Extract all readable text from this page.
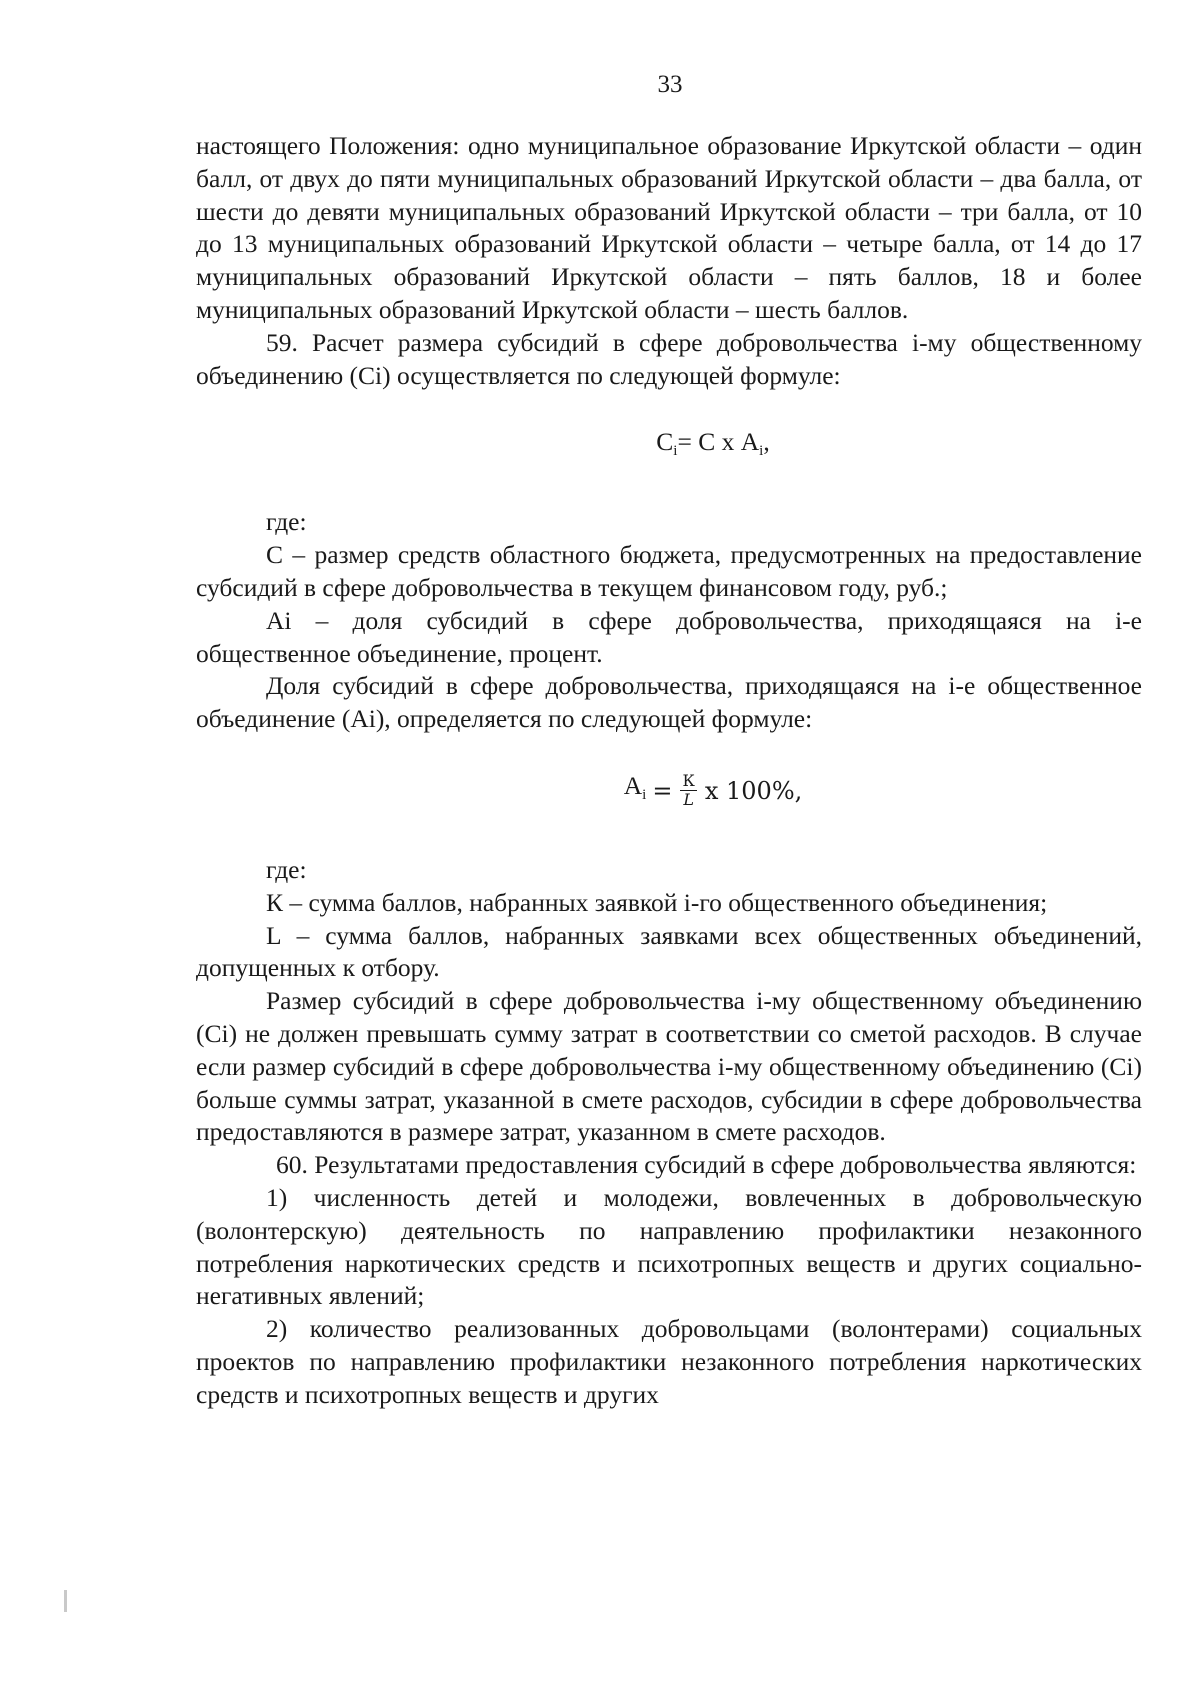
33

настоящего Положения: одно муниципальное образование Иркутской области – один балл, от двух до пяти муниципальных образований Иркутской области – два балла, от шести до девяти муниципальных образований Иркутской области – три балла, от 10 до 13 муниципальных образований Иркутской области – четыре балла, от 14 до 17 муниципальных образований Иркутской области – пять баллов, 18 и более муниципальных образований Иркутской области – шесть баллов.

59. Расчет размера субсидий в сфере добровольчества i-му общественному объединению (Сi) осуществляется по следующей формуле:

$С_i= С$ х $А_i$,

где:

С – размер средств областного бюджета, предусмотренных на предоставление субсидий в сфере добровольчества в текущем финансовом году, руб.;

Аi – доля субсидий в сфере добровольчества, приходящаяся на i-е общественное объединение, процент.

Доля субсидий в сфере добровольчества, приходящаяся на i-е общественное объединение (Аi), определяется по следующей формуле:

$А_i = \frac{К}{L}$ x 100%,

где:

К – сумма баллов, набранных заявкой i-го общественного объединения;

L – сумма баллов, набранных заявками всех общественных объединений, допущенных к отбору.

Размер субсидий в сфере добровольчества i-му общественному объединению (Сi) не должен превышать сумму затрат в соответствии со сметой расходов. В случае если размер субсидий в сфере добровольчества i-му общественному объединению (Сi) больше суммы затрат, указанной в смете расходов, субсидии в сфере добровольчества предоставляются в размере затрат, указанном в смете расходов.

60. Результатами предоставления субсидий в сфере добровольчества являются:

1) численность детей и молодежи, вовлеченных в добровольческую (волонтерскую) деятельность по направлению профилактики незаконного потребления наркотических средств и психотропных веществ и других социально-негативных явлений;

2) количество реализованных добровольцами (волонтерами) социальных проектов по направлению профилактики незаконного потребления наркотических средств и психотропных веществ и других
